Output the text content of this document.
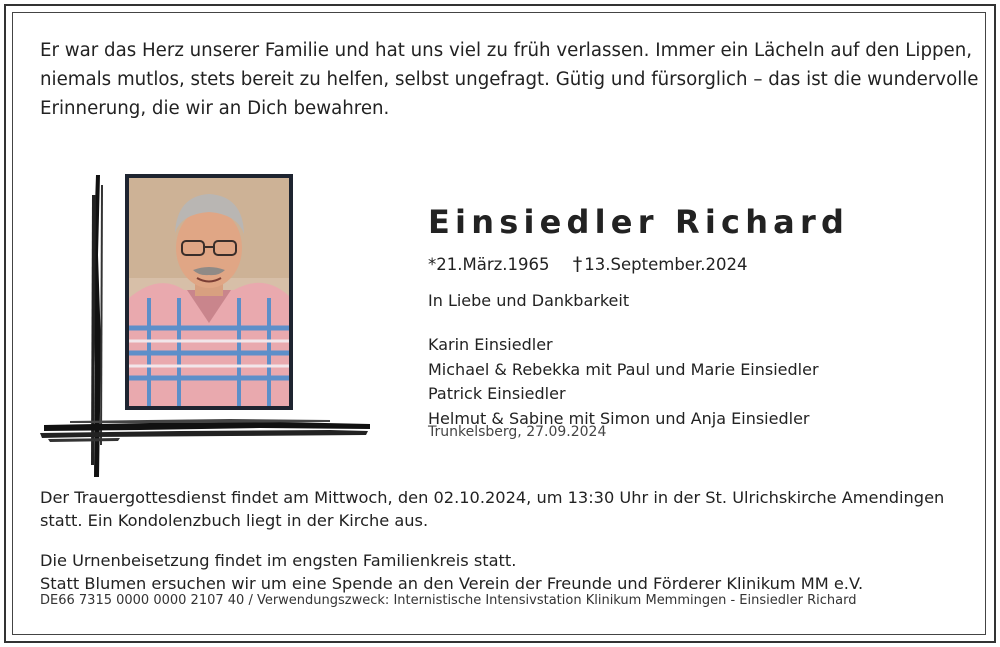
Er war das Herz unserer Familie und hat uns viel zu früh verlassen. Immer ein Lächeln auf den Lippen,
niemals mutlos, stets bereit zu helfen, selbst ungefragt. Gütig und fürsorglich – das ist die wundervolle
Erinnerung, die wir an Dich bewahren.

Einsiedler Richard
*21.März.1965 † 13.September.2024
In Liebe und Dankbarkeit
Karin Einsiedler
Michael & Rebekka mit Paul und Marie Einsiedler
Patrick Einsiedler
Helmut & Sabine mit Simon und Anja Einsiedler
Trunkelsberg, 27.09.2024

Der Trauergottesdienst findet am Mittwoch, den 02.10.2024, um 13:30 Uhr in der St. Ulrichskirche Amendingen
statt. Ein Kondolenzbuch liegt in der Kirche aus.

Die Urnenbeisetzung findet im engsten Familienkreis statt.

Statt Blumen ersuchen wir um eine Spende an den Verein der Freunde und Förderer Klinikum MM e.V.

DE66 7315 0000 0000 2107 40 / Verwendungszweck: Internistische Intensivstation Klinikum Memmingen - Einsiedler Richard
